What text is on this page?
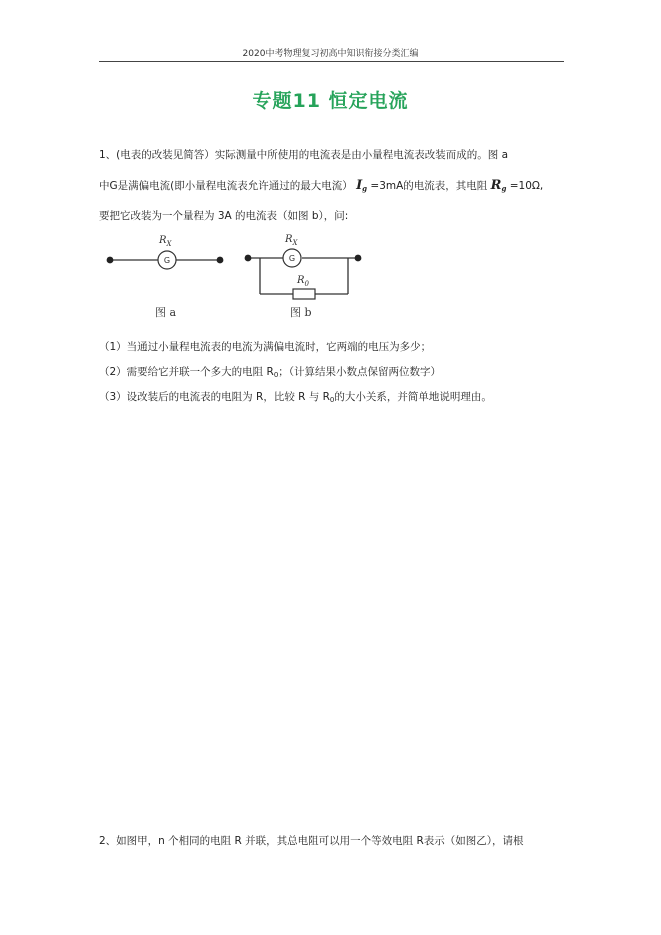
2020中考物理复习初高中知识衔接分类汇编
专题11 恒定电流
1、(电表的改装见简答）实际测量中所使用的电流表是由小量程电流表改装而成的。图 a
中G是满偏电流(即小量程电流表允许通过的最大电流） $I_g =3mA$的电流表，其电阻 $R_g =10\Omega$,
要把它改装为一个量程为 3A 的电流表（如图 b），问:
G
$R_X$
图 a
G
$R_X$
$R_0$
图 b
（1）当通过小量程电流表的电流为满偏电流时，它两端的电压为多少；
（2）需要给它并联一个多大的电阻 $R_0$；（计算结果小数点保留两位数字）
（3）设改装后的电流表的电阻为 R，比较 R 与 $R_0$的大小关系，并简单地说明理由。
2、如图甲，n 个相同的电阻 R 并联，其总电阻可以用一个等效电阻 R表示（如图乙），请根
